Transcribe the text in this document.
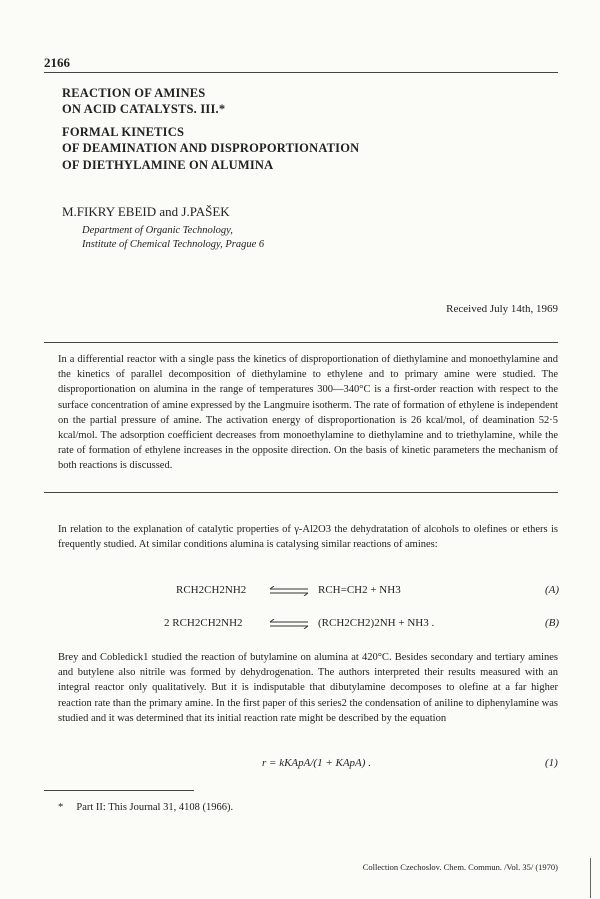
2166
REACTION OF AMINES
ON ACID CATALYSTS. III.*
FORMAL KINETICS
OF DEAMINATION AND DISPROPORTIONATION
OF DIETHYLAMINE ON ALUMINA
M.FIKRY EBEID and J.PAŠEK
Department of Organic Technology,
Institute of Chemical Technology, Prague 6
Received July 14th, 1969
In a differential reactor with a single pass the kinetics of disproportionation of diethylamine and monoethylamine and the kinetics of parallel decomposition of diethylamine to ethylene and to primary amine were studied. The disproportionation on alumina in the range of temperatures 300—340°C is a first-order reaction with respect to the surface concentration of amine expressed by the Langmuire isotherm. The rate of formation of ethylene is independent on the partial pressure of amine. The activation energy of disproportionation is 26 kcal/mol, of deamination 52·5 kcal/mol. The adsorption coefficient decreases from monoethylamine to diethylamine and to triethylamine, while the rate of formation of ethylene increases in the opposite direction. On the basis of kinetic parameters the mechanism of both reactions is discussed.
In relation to the explanation of catalytic properties of γ-Al2O3 the dehydratation of alcohols to olefines or ethers is frequently studied. At similar conditions alumina is catalysing similar reactions of amines:
RCH2CH2NH2	RCH=CH2 + NH3	(A)
2 RCH2CH2NH2	(RCH2CH2)2NH + NH3 .	(B)
Brey and Cobledick1 studied the reaction of butylamine on alumina at 420°C. Besides secondary and tertiary amines and butylene also nitrile was formed by dehydrogenation. The authors interpreted their results measured with an integral reactor only qualitatively. But it is indisputable that dibutylamine decomposes to olefine at a far higher reaction rate than the primary amine. In the first paper of this series2 the condensation of aniline to diphenylamine was studied and it was determined that its initial reaction rate might be described by the equation
r = kKApA/(1 + KApA) .	(1)
*     Part II: This Journal 31, 4108 (1966).
Collection Czechoslov. Chem. Commun. /Vol. 35/ (1970)
